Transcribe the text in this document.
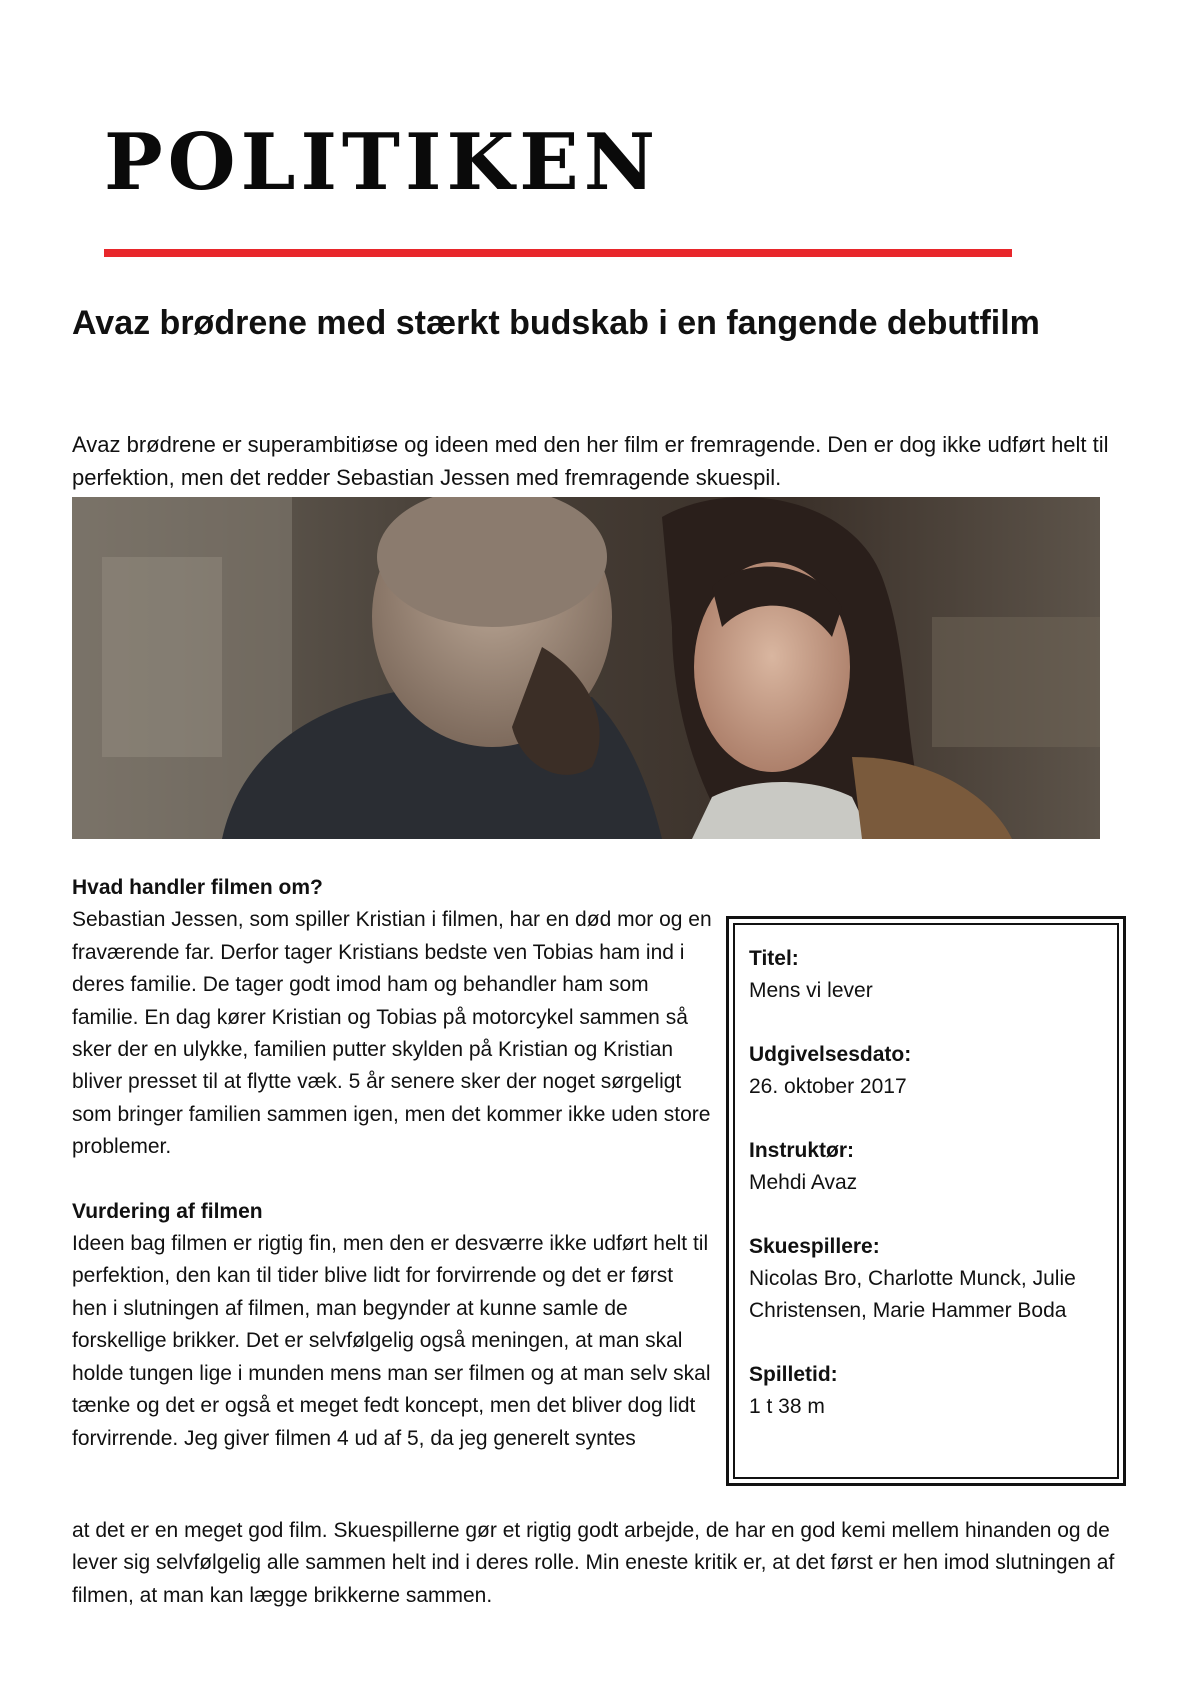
POLITIKEN
Avaz brødrene med stærkt budskab i en fangende debutfilm

Avaz brødrene er superambitiøse og ideen med den her film er fremragende. Den er dog ikke udført helt til perfektion, men det redder Sebastian Jessen med fremragende skuespil.

Hvad handler filmen om?

Sebastian Jessen, som spiller Kristian i filmen, har en død mor og en fraværende far. Derfor tager Kristians bedste ven Tobias ham ind i deres familie. De tager godt imod ham og behandler ham som familie. En dag kører Kristian og Tobias på motorcykel sammen så sker der en ulykke, familien putter skylden på Kristian og Kristian bliver presset til at flytte væk. 5 år senere sker der noget sørgeligt som bringer familien sammen igen, men det kommer ikke uden store problemer.

Vurdering af filmen

Ideen bag filmen er rigtig fin, men den er desværre ikke udført helt til perfektion, den kan til tider blive lidt for forvirrende og det er først hen i slutningen af filmen, man begynder at kunne samle de forskellige brikker. Det er selvfølgelig også meningen, at man skal holde tungen lige i munden mens man ser filmen og at man selv skal tænke og det er også et meget fedt koncept, men det bliver dog lidt forvirrende. Jeg giver filmen 4 ud af 5, da jeg generelt syntes

at det er en meget god film. Skuespillerne gør et rigtig godt arbejde, de har en god kemi mellem hinanden og de lever sig selvfølgelig alle sammen helt ind i deres rolle. Min eneste kritik er, at det først er hen imod slutningen af filmen, at man kan lægge brikkerne sammen.

Titel:
Mens vi lever
Udgivelsesdato:
26. oktober 2017
Instruktør:
Mehdi Avaz
Skuespillere:
Nicolas Bro, Charlotte Munck, Julie Christensen, Marie Hammer Boda
Spilletid:
1 t 38 m
